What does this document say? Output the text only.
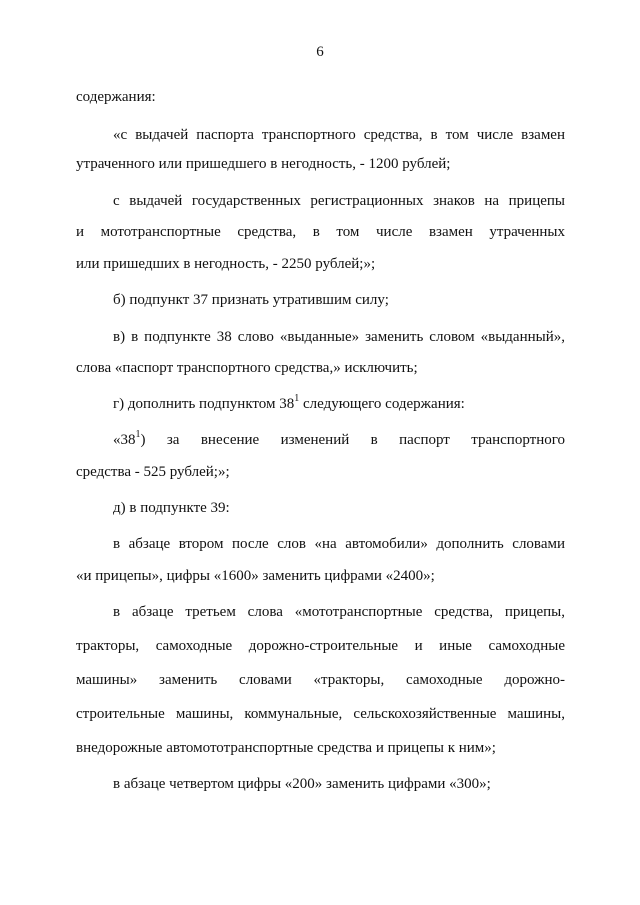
6
содержания:
«с выдачей паспорта транспортного средства, в том числе взамен
утраченного или пришедшего в негодность, - 1200 рублей;
с выдачей государственных регистрационных знаков на прицепы
и мототранспортные средства, в том числе взамен утраченных
или пришедших в негодность, - 2250 рублей;»;
б) подпункт 37 признать утратившим силу;
в) в подпункте 38 слово «выданные» заменить словом «выданный»,
слова «паспорт транспортного средства,» исключить;
г) дополнить подпунктом $38^1$ следующего содержания:
«$38^1$) за внесение изменений в паспорт транспортного
средства - 525 рублей;»;
д) в подпункте 39:
в абзаце втором после слов «на автомобили» дополнить словами
«и прицепы», цифры «1600» заменить цифрами «2400»;
в абзаце третьем слова «мототранспортные средства, прицепы,
тракторы, самоходные дорожно-строительные и иные самоходные
машины» заменить словами «тракторы, самоходные дорожно-
строительные машины, коммунальные, сельскохозяйственные машины,
внедорожные автомототранспортные средства и прицепы к ним»;
в абзаце четвертом цифры «200» заменить цифрами «300»;
